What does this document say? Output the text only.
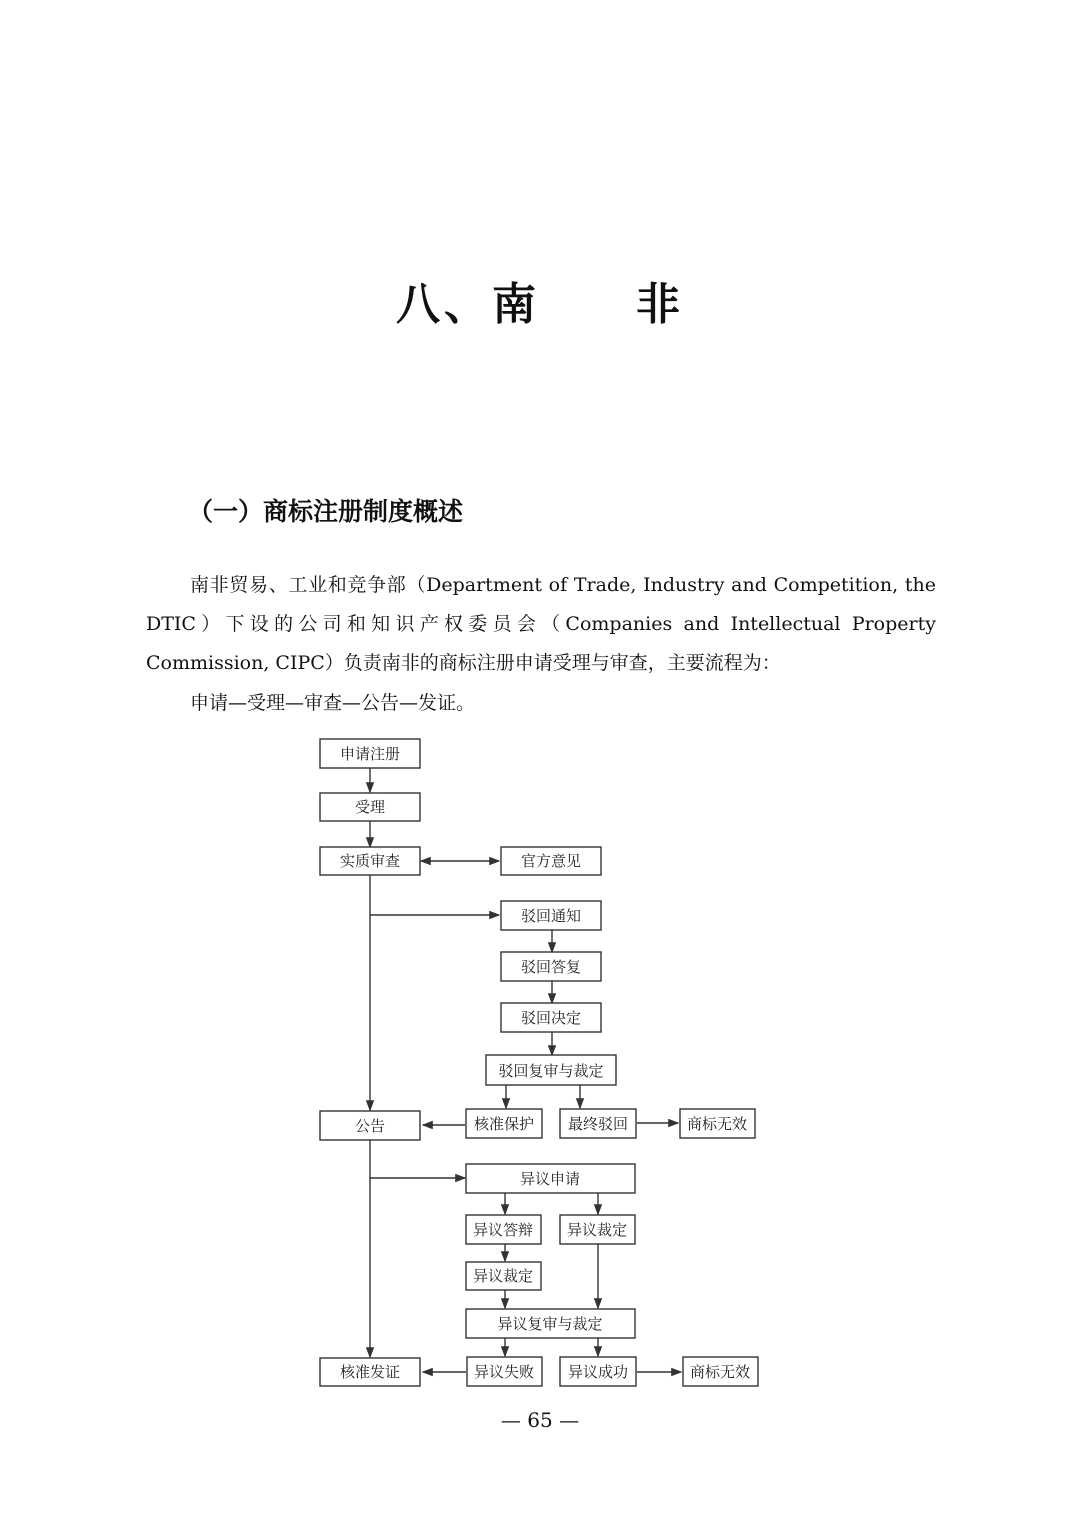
八、南 非
（一）商标注册制度概述
南非贸易、工业和竞争部（Department of Trade, Industry and Competition, the DTIC）下设的公司和知识产权委员会（Companies and Intellectual Property Commission, CIPC）负责南非的商标注册申请受理与审查，主要流程为：
申请—受理—审查—公告—发证。
申请注册
受理
实质审查	官方意见
驳回通知
驳回答复
驳回决定
驳回复审与裁定
公告	核准保护 最终驳回	商标无效
异议申请
异议答辩 异议裁定
异议裁定
异议复审与裁定
核准发证	异议失败 异议成功	商标无效
— 65 —
